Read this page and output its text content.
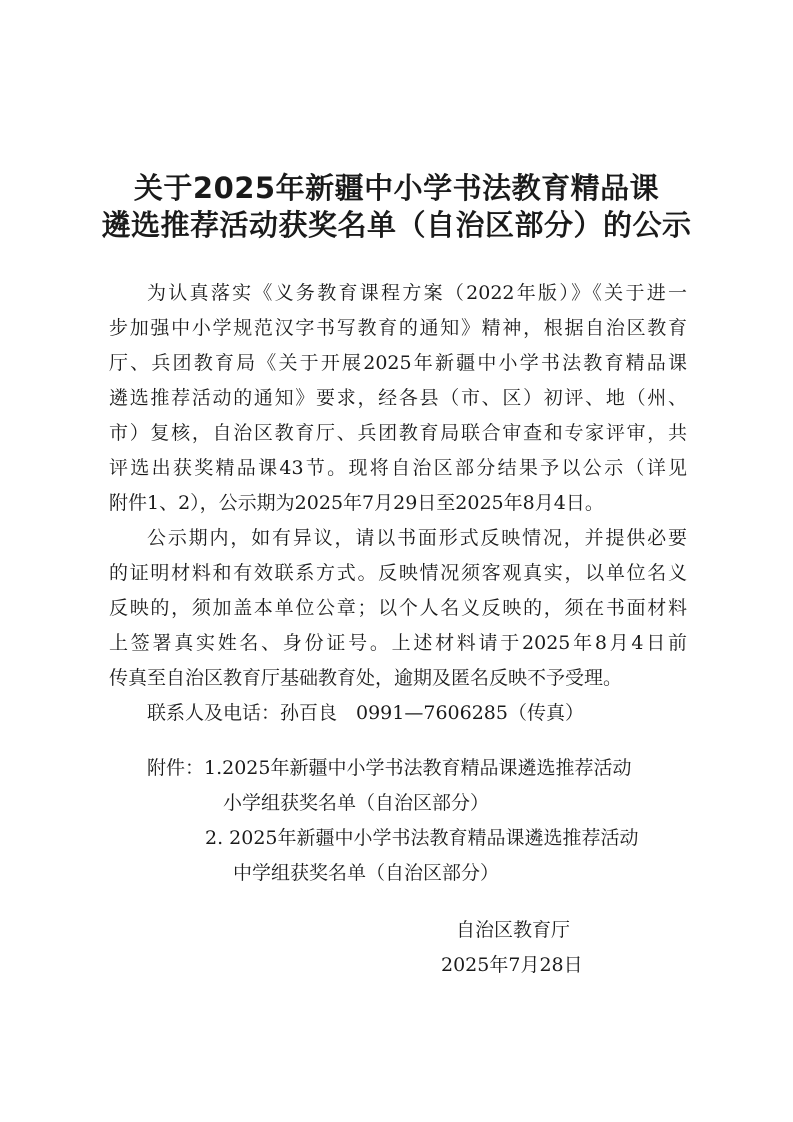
关于2025年新疆中小学书法教育精品课
遴选推荐活动获奖名单（自治区部分）的公示
为认真落实《义务教育课程方案（2022年版）》《关于进一
步加强中小学规范汉字书写教育的通知》精神，根据自治区教育
厅、兵团教育局《关于开展2025年新疆中小学书法教育精品课
遴选推荐活动的通知》要求，经各县（市、区）初评、地（州、
市）复核，自治区教育厅、兵团教育局联合审查和专家评审，共
评选出获奖精品课43节。现将自治区部分结果予以公示（详见
附件1、2），公示期为2025年7月29日至2025年8月4日。
公示期内，如有异议，请以书面形式反映情况，并提供必要
的证明材料和有效联系方式。反映情况须客观真实，以单位名义
反映的，须加盖本单位公章；以个人名义反映的，须在书面材料
上签署真实姓名、身份证号。上述材料请于2025年8月4日前
传真至自治区教育厅基础教育处，逾期及匿名反映不予受理。
联系人及电话：孙百良　0991—7606285（传真）
附件： 1.2025年新疆中小学书法教育精品课遴选推荐活动
小学组获奖名单（自治区部分）
2. 2025年新疆中小学书法教育精品课遴选推荐活动
中学组获奖名单（自治区部分）
自治区教育厅
2025年7月28日
